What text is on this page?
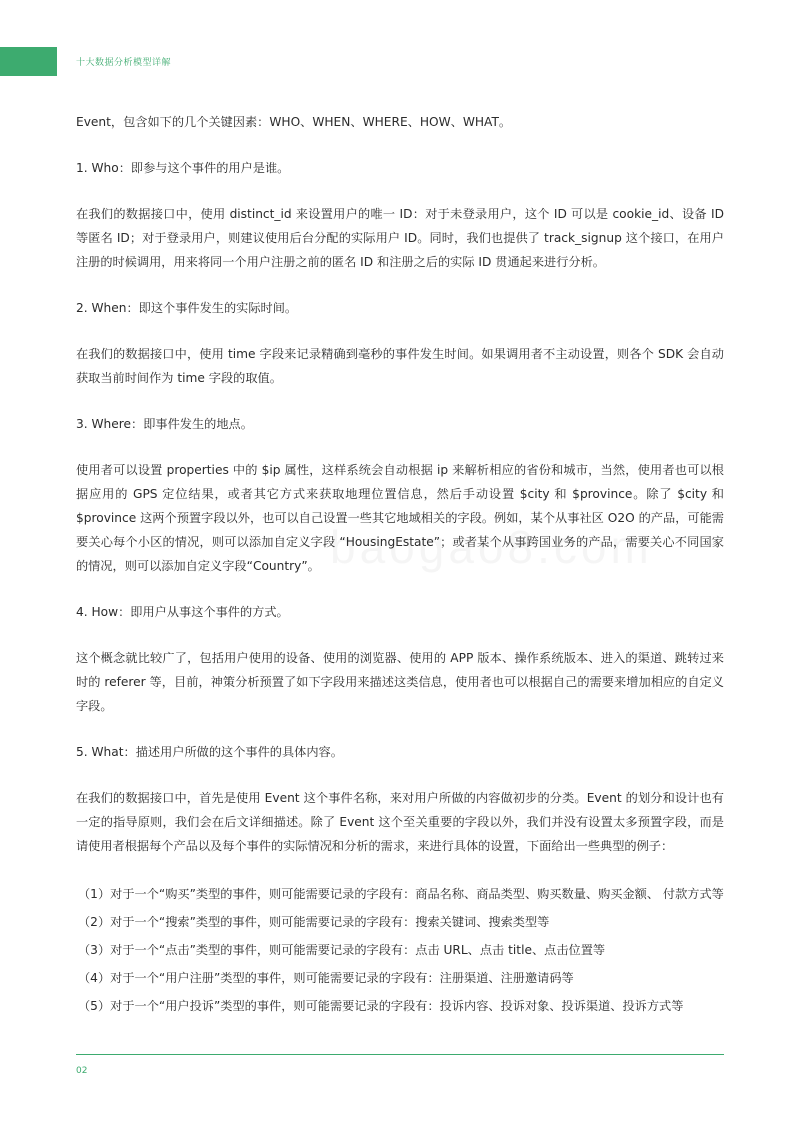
十大数据分析模型详解

Event，包含如下的几个关键因素：WHO、WHEN、WHERE、HOW、WHAT。

1. Who：即参与这个事件的用户是谁。

在我们的数据接口中，使用 distinct_id 来设置用户的唯一 ID：对于未登录用户，这个 ID 可以是 cookie_id、设备 ID 等匿名 ID；对于登录用户，则建议使用后台分配的实际用户 ID。同时，我们也提供了 track_signup 这个接口，在用户注册的时候调用，用来将同一个用户注册之前的匿名 ID 和注册之后的实际 ID 贯通起来进行分析。

2. When：即这个事件发生的实际时间。

在我们的数据接口中，使用 time 字段来记录精确到毫秒的事件发生时间。如果调用者不主动设置，则各个 SDK 会自动获取当前时间作为 time 字段的取值。

3. Where：即事件发生的地点。

使用者可以设置 properties 中的 $ip 属性，这样系统会自动根据 ip 来解析相应的省份和城市，当然，使用者也可以根据应用的 GPS 定位结果，或者其它方式来获取地理位置信息，然后手动设置 $city 和 $province。除了 $city 和 $province 这两个预置字段以外，也可以自己设置一些其它地域相关的字段。例如，某个从事社区 O2O 的产品，可能需要关心每个小区的情况，则可以添加自定义字段 “HousingEstate”；或者某个从事跨国业务的产品，需要关心不同国家的情况，则可以添加自定义字段“Country”。

4. How：即用户从事这个事件的方式。

这个概念就比较广了，包括用户使用的设备、使用的浏览器、使用的 APP 版本、操作系统版本、进入的渠道、跳转过来时的 referer 等，目前，神策分析预置了如下字段用来描述这类信息，使用者也可以根据自己的需要来增加相应的自定义字段。

5. What：描述用户所做的这个事件的具体内容。

在我们的数据接口中，首先是使用 Event 这个事件名称，来对用户所做的内容做初步的分类。Event 的划分和设计也有一定的指导原则，我们会在后文详细描述。除了 Event 这个至关重要的字段以外，我们并没有设置太多预置字段，而是请使用者根据每个产品以及每个事件的实际情况和分析的需求，来进行具体的设置，下面给出一些典型的例子：

（1）对于一个“购买”类型的事件，则可能需要记录的字段有：商品名称、商品类型、购买数量、购买金额、 付款方式等
（2）对于一个“搜索”类型的事件，则可能需要记录的字段有：搜索关键词、搜索类型等
（3）对于一个“点击”类型的事件，则可能需要记录的字段有：点击 URL、点击 title、点击位置等
（4）对于一个“用户注册”类型的事件，则可能需要记录的字段有：注册渠道、注册邀请码等
（5）对于一个“用户投诉”类型的事件，则可能需要记录的字段有：投诉内容、投诉对象、投诉渠道、投诉方式等
02
